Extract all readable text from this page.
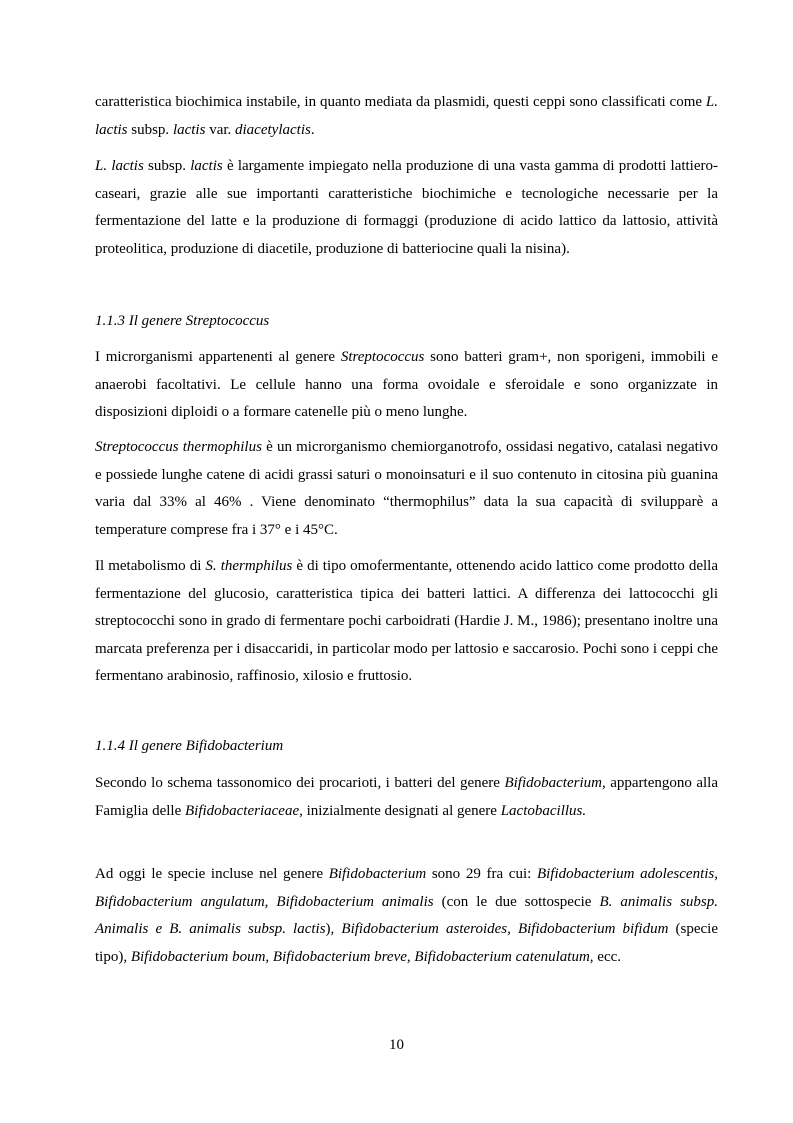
caratteristica biochimica instabile, in quanto mediata da plasmidi, questi ceppi sono classificati come L. lactis subsp. lactis var. diacetylactis.

L. lactis subsp. lactis è largamente impiegato nella produzione di una vasta gamma di prodotti lattiero-caseari, grazie alle sue importanti caratteristiche biochimiche e tecnologiche necessarie per la fermentazione del latte e la produzione di formaggi (produzione di acido lattico da lattosio, attività proteolitica, produzione di diacetile, produzione di batteriocine quali la nisina).

1.1.3 Il genere Streptococcus

I microrganismi appartenenti al genere Streptococcus sono batteri gram+, non sporigeni, immobili e anaerobi facoltativi. Le cellule hanno una forma ovoidale e sferoidale e sono organizzate in disposizioni diploidi o a formare catenelle più o meno lunghe.

Streptococcus thermophilus è un microrganismo chemiorganotrofo, ossidasi negativo, catalasi negativo e possiede lunghe catene di acidi grassi saturi o monoinsaturi e il suo contenuto in citosina più guanina varia dal 33% al 46% . Viene denominato “thermophilus” data la sua capacità di svilupparè a temperature comprese fra i 37° e i 45°C.

Il metabolismo di S. thermphilus è di tipo omofermentante, ottenendo acido lattico come prodotto della fermentazione del glucosio, caratteristica tipica dei batteri lattici. A differenza dei lattococchi gli streptococchi sono in grado di fermentare pochi carboidrati (Hardie J. M., 1986); presentano inoltre una marcata preferenza per i disaccaridi, in particolar modo per lattosio e saccarosio. Pochi sono i ceppi che fermentano arabinosio, raffinosio, xilosio e fruttosio.

1.1.4 Il genere Bifidobacterium

Secondo lo schema tassonomico dei procarioti, i batteri del genere Bifidobacterium, appartengono alla Famiglia delle Bifidobacteriaceae, inizialmente designati al genere Lactobacillus.

Ad oggi le specie incluse nel genere Bifidobacterium sono 29 fra cui: Bifidobacterium adolescentis, Bifidobacterium angulatum, Bifidobacterium animalis (con le due sottospecie B. animalis subsp. Animalis e B. animalis subsp. lactis), Bifidobacterium asteroides, Bifidobacterium bifidum (specie tipo), Bifidobacterium boum, Bifidobacterium breve, Bifidobacterium catenulatum, ecc.

10
